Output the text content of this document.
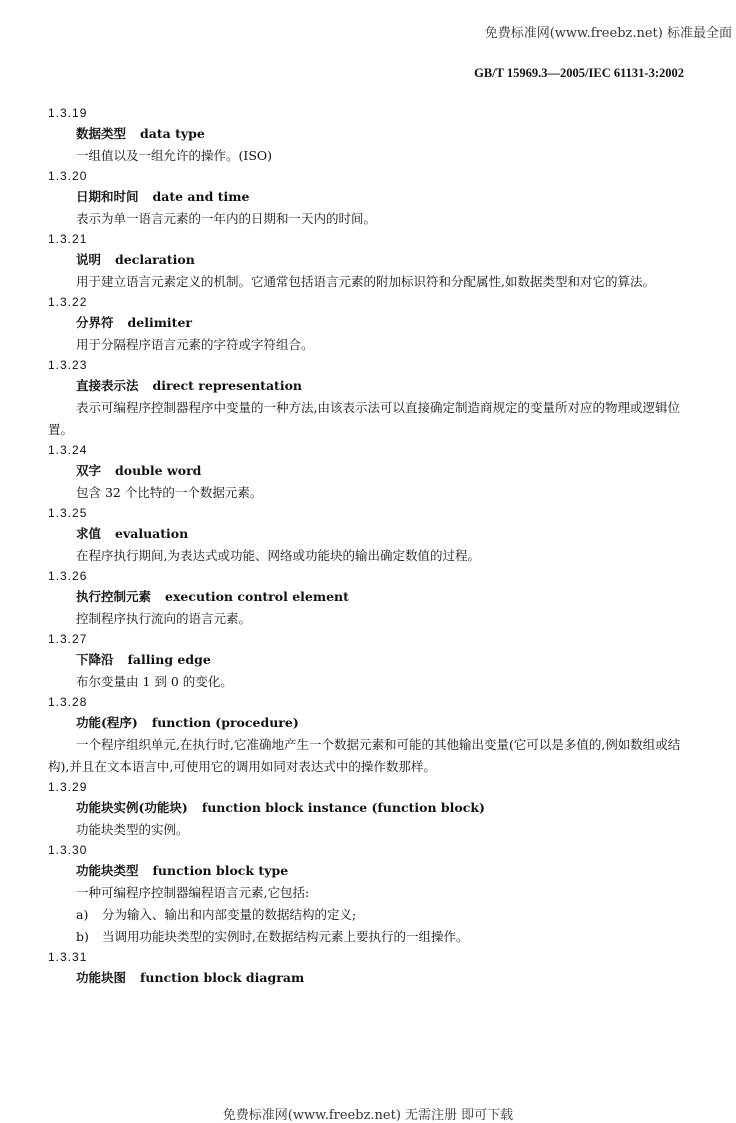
免费标准网(www.freebz.net) 标准最全面
GB/T 15969.3—2005/IEC 61131-3:2002
1.3.19
数据类型 data type

一组值以及一组允许的操作。(ISO)

1.3.20
日期和时间 date and time

表示为单一语言元素的一年内的日期和一天内的时间。

1.3.21
说明 declaration

用于建立语言元素定义的机制。它通常包括语言元素的附加标识符和分配属性,如数据类型和对它的算法。

1.3.22
分界符 delimiter

用于分隔程序语言元素的字符或字符组合。

1.3.23
直接表示法 direct representation

表示可编程序控制器程序中变量的一种方法,由该表示法可以直接确定制造商规定的变量所对应的物理或逻辑位置。

1.3.24
双字 double word

包含 32 个比特的一个数据元素。

1.3.25
求值 evaluation

在程序执行期间,为表达式或功能、网络或功能块的输出确定数值的过程。

1.3.26
执行控制元素 execution control element

控制程序执行流向的语言元素。

1.3.27
下降沿 falling edge

布尔变量由 1 到 0 的变化。

1.3.28
功能(程序) function (procedure)

一个程序组织单元,在执行时,它准确地产生一个数据元素和可能的其他输出变量(它可以是多值的,例如数组或结构),并且在文本语言中,可使用它的调用如同对表达式中的操作数那样。

1.3.29
功能块实例(功能块) function block instance (function block)

功能块类型的实例。

1.3.30
功能块类型 function block type
一种可编程序控制器编程语言元素,它包括:
a)	分为输入、输出和内部变量的数据结构的定义;
b)	当调用功能块类型的实例时,在数据结构元素上要执行的一组操作。
1.3.31
功能块图 function block diagram
免费标准网(www.freebz.net) 无需注册 即可下载
